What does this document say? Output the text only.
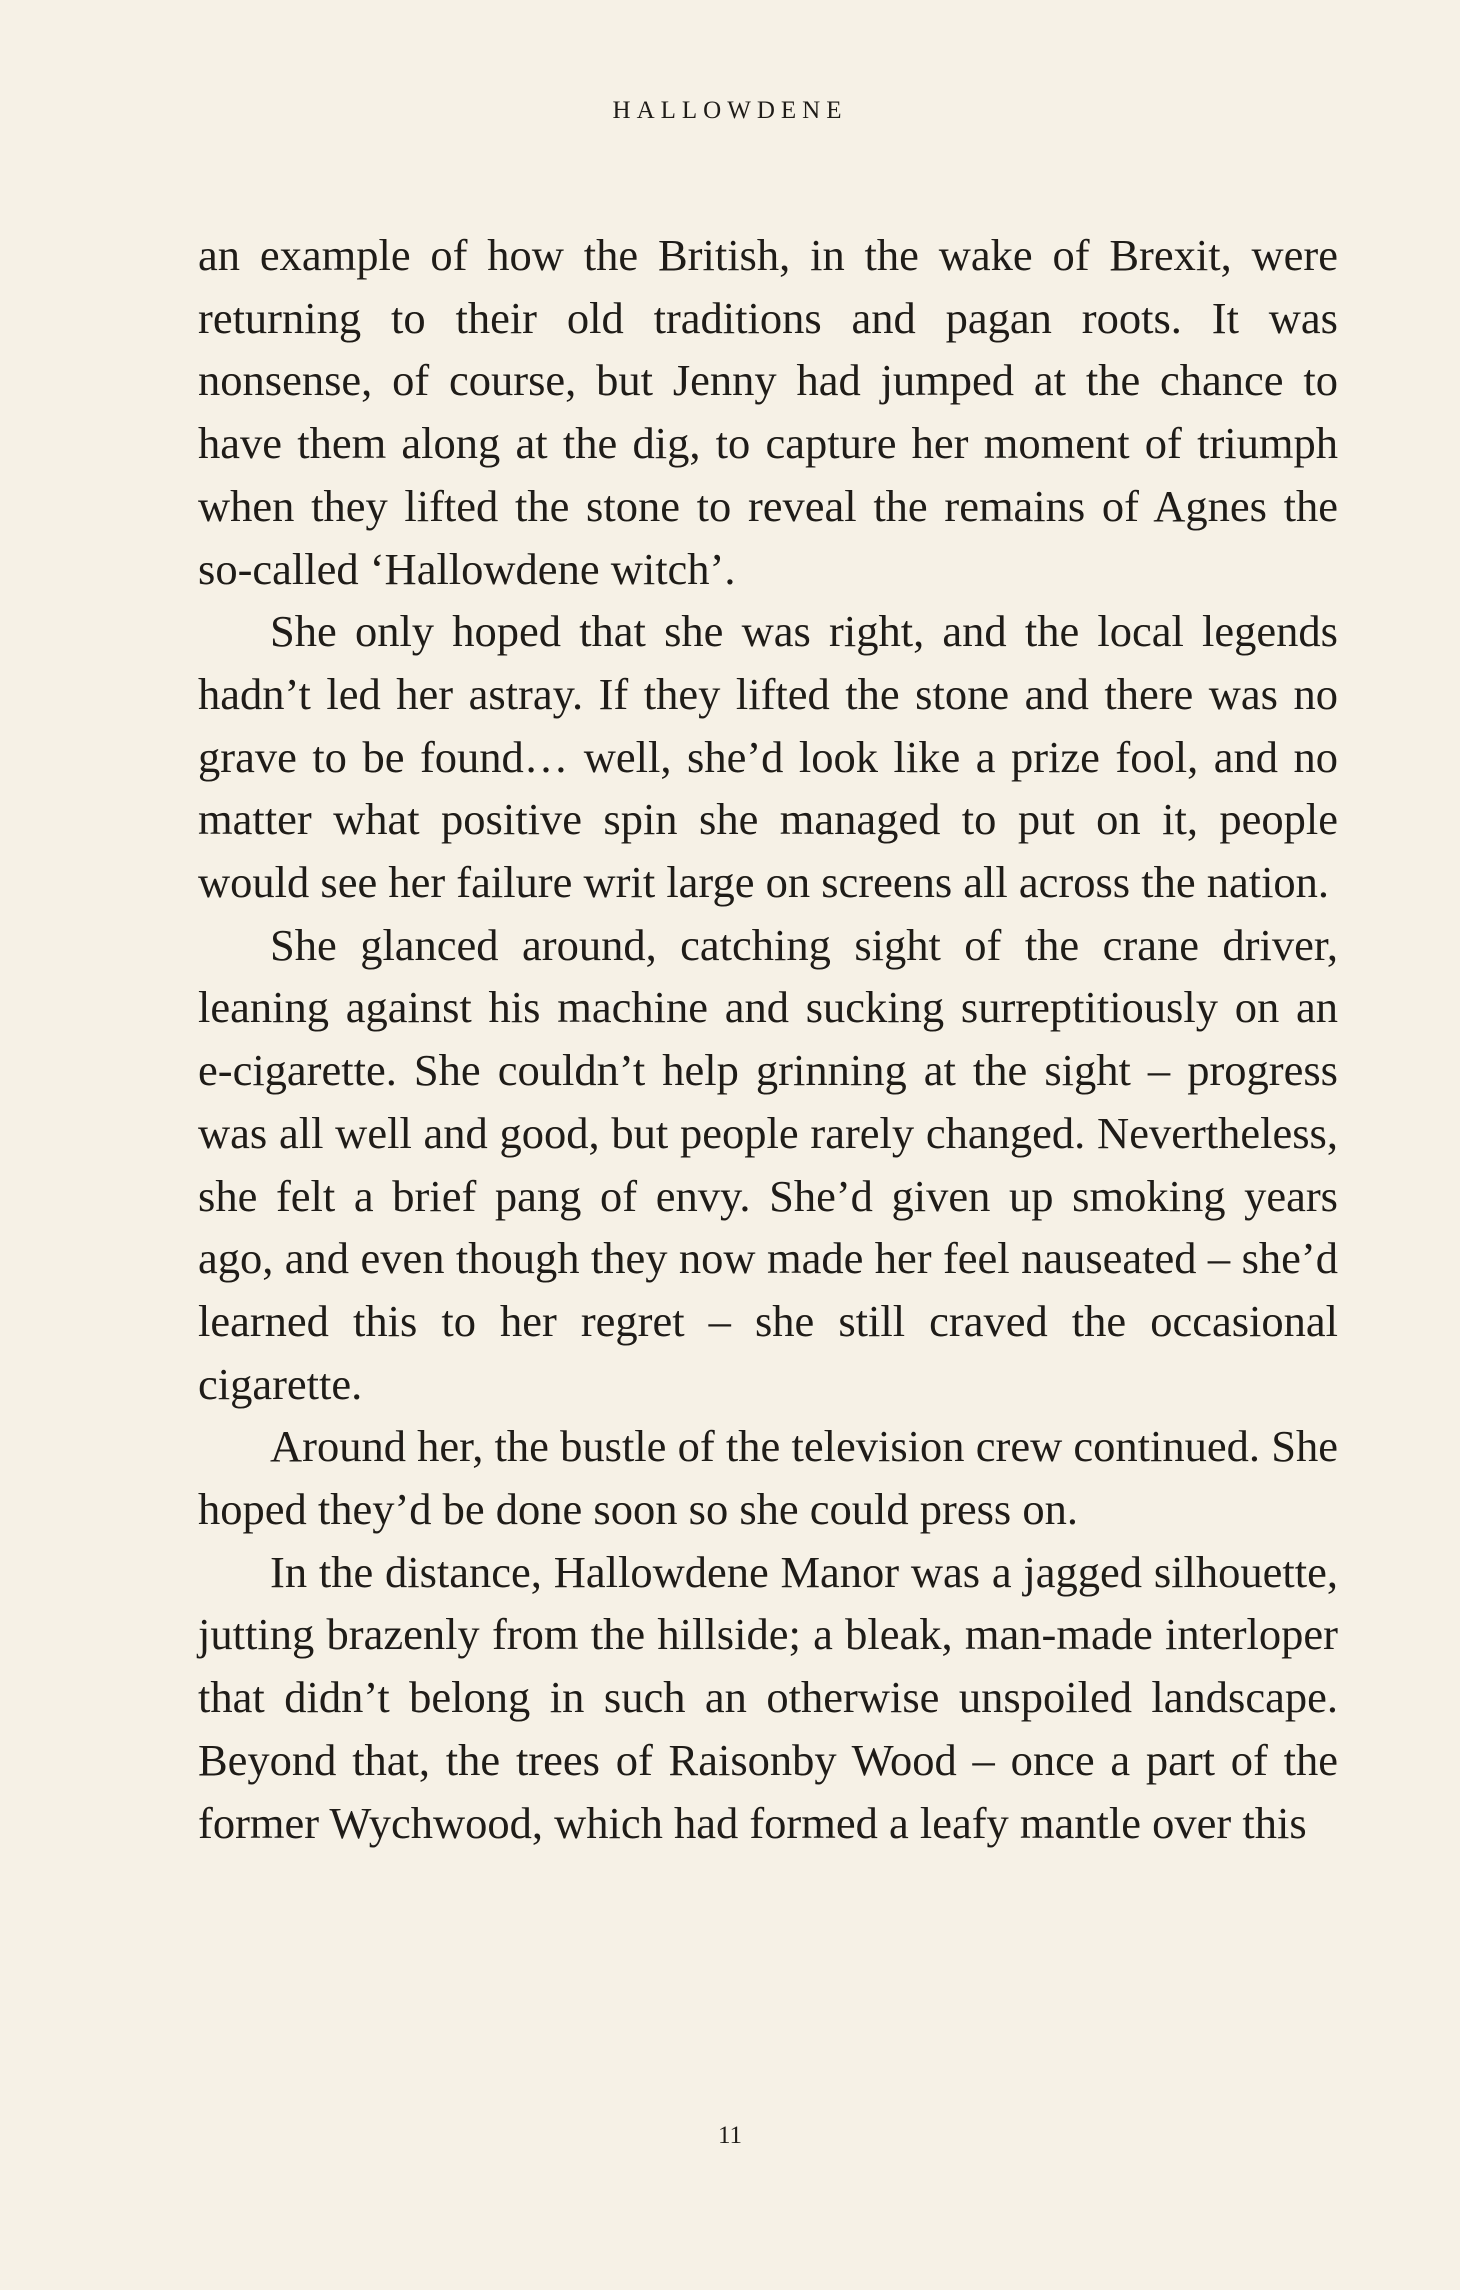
HALLOWDENE

an example of how the British, in the wake of Brexit, were returning to their old traditions and pagan roots. It was nonsense, of course, but Jenny had jumped at the chance to have them along at the dig, to capture her moment of triumph when they lifted the stone to reveal the remains of Agnes the so-called ‘Hallowdene witch’.

She only hoped that she was right, and the local legends hadn’t led her astray. If they lifted the stone and there was no grave to be found… well, she’d look like a prize fool, and no matter what positive spin she managed to put on it, people would see her failure writ large on screens all across the nation.

She glanced around, catching sight of the crane driver, leaning against his machine and sucking surreptitiously on an e-cigarette. She couldn’t help grinning at the sight – progress was all well and good, but people rarely changed. Nevertheless, she felt a brief pang of envy. She’d given up smoking years ago, and even though they now made her feel nauseated – she’d learned this to her regret – she still craved the occasional cigarette.

Around her, the bustle of the television crew continued. She hoped they’d be done soon so she could press on.

In the distance, Hallowdene Manor was a jagged silhouette, jutting brazenly from the hillside; a bleak, man-made interloper that didn’t belong in such an otherwise unspoiled landscape. Beyond that, the trees of Raisonby Wood – once a part of the former Wychwood, which had formed a leafy mantle over this

11
